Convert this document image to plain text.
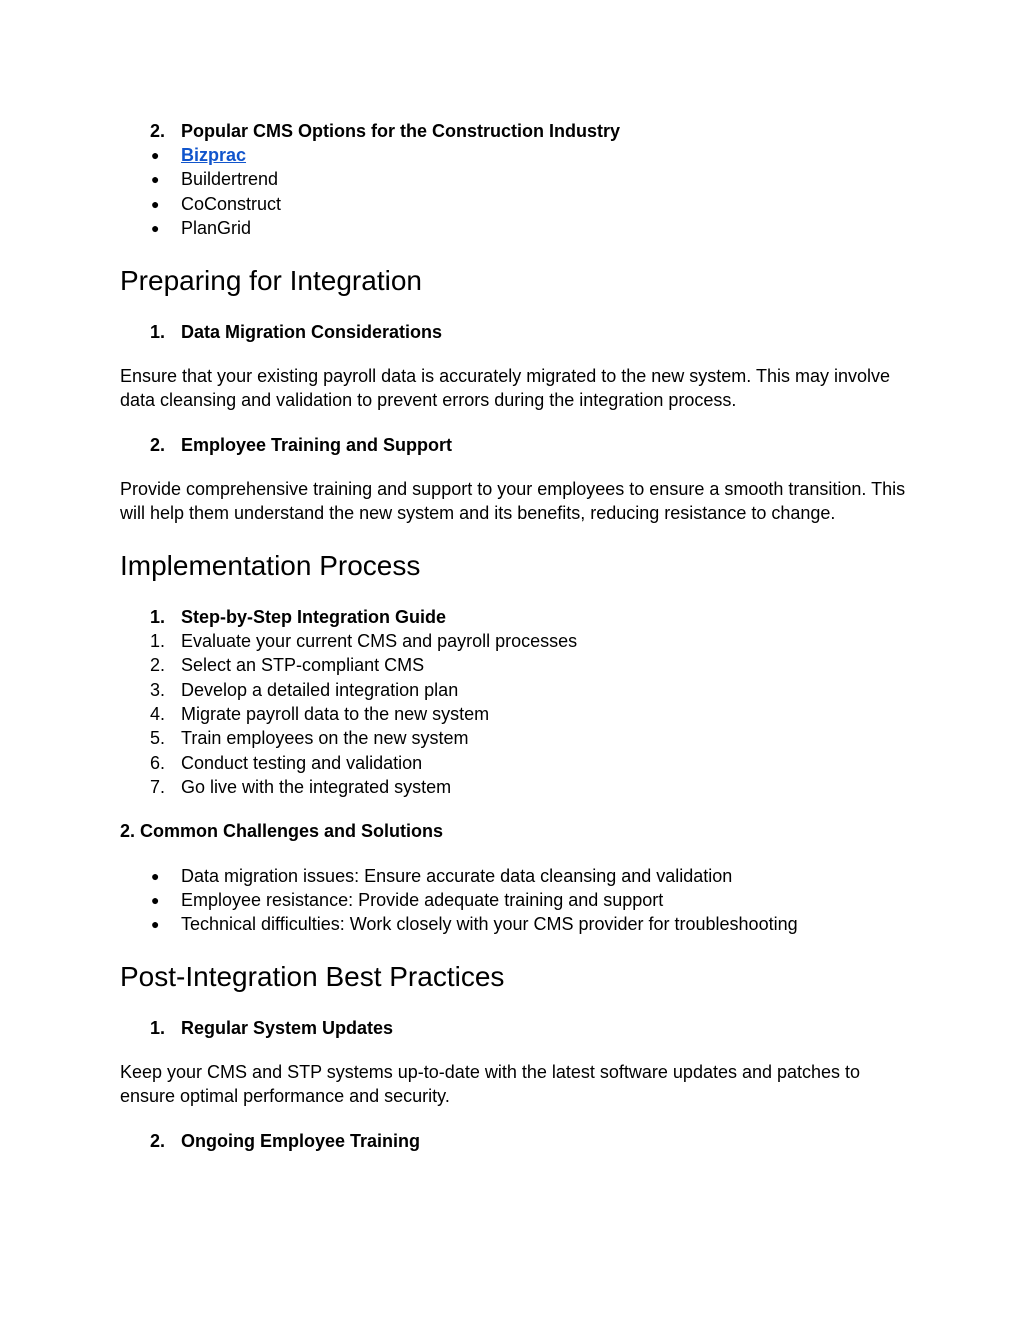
2. Popular CMS Options for the Construction Industry
● Bizprac
● Buildertrend
● CoConstruct
● PlanGrid
Preparing for Integration
1. Data Migration Considerations

Ensure that your existing payroll data is accurately migrated to the new system. This may involve data cleansing and validation to prevent errors during the integration process.

2. Employee Training and Support

Provide comprehensive training and support to your employees to ensure a smooth transition. This will help them understand the new system and its benefits, reducing resistance to change.

Implementation Process
1. Step-by-Step Integration Guide
1. Evaluate your current CMS and payroll processes
2. Select an STP-compliant CMS
3. Develop a detailed integration plan
4. Migrate payroll data to the new system
5. Train employees on the new system
6. Conduct testing and validation
7. Go live with the integrated system
2. Common Challenges and Solutions
● Data migration issues: Ensure accurate data cleansing and validation
● Employee resistance: Provide adequate training and support
● Technical difficulties: Work closely with your CMS provider for troubleshooting
Post-Integration Best Practices
1. Regular System Updates

Keep your CMS and STP systems up-to-date with the latest software updates and patches to ensure optimal performance and security.

2. Ongoing Employee Training
